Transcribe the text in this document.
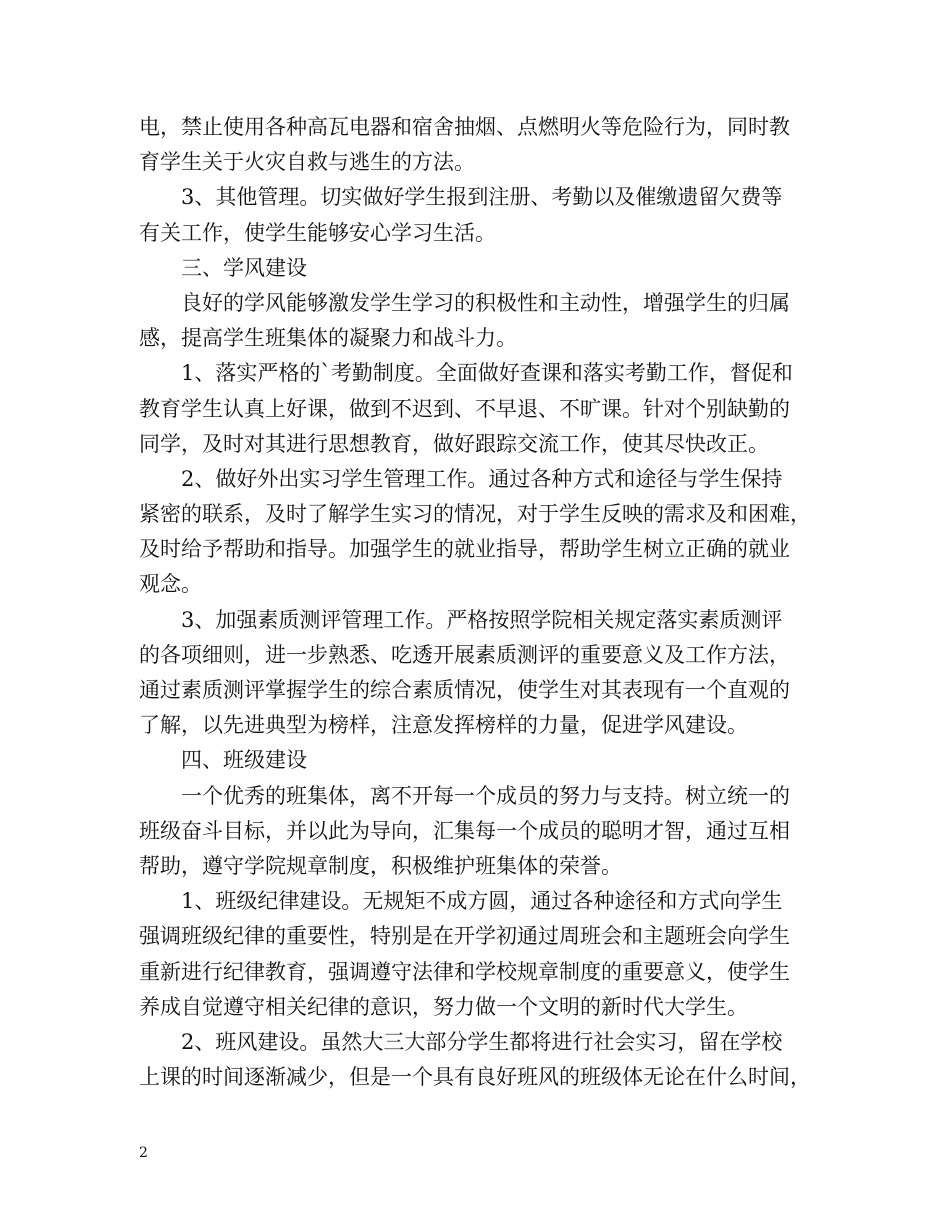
电，禁止使用各种高瓦电器和宿舍抽烟、点燃明火等危险行为，同时教
育学生关于火灾自救与逃生的方法。
3、其他管理。切实做好学生报到注册、考勤以及催缴遗留欠费等
有关工作，使学生能够安心学习生活。
三、学风建设
良好的学风能够激发学生学习的积极性和主动性，增强学生的归属
感，提高学生班集体的凝聚力和战斗力。
1、落实严格的`考勤制度。全面做好查课和落实考勤工作，督促和
教育学生认真上好课，做到不迟到、不早退、不旷课。针对个别缺勤的
同学，及时对其进行思想教育，做好跟踪交流工作，使其尽快改正。
2、做好外出实习学生管理工作。通过各种方式和途径与学生保持
紧密的联系，及时了解学生实习的情况，对于学生反映的需求及和困难，
及时给予帮助和指导。加强学生的就业指导，帮助学生树立正确的就业
观念。
3、加强素质测评管理工作。严格按照学院相关规定落实素质测评
的各项细则，进一步熟悉、吃透开展素质测评的重要意义及工作方法，
通过素质测评掌握学生的综合素质情况，使学生对其表现有一个直观的
了解，以先进典型为榜样，注意发挥榜样的力量，促进学风建设。
四、班级建设
一个优秀的班集体，离不开每一个成员的努力与支持。树立统一的
班级奋斗目标，并以此为导向，汇集每一个成员的聪明才智，通过互相
帮助，遵守学院规章制度，积极维护班集体的荣誉。
1、班级纪律建设。无规矩不成方圆，通过各种途径和方式向学生
强调班级纪律的重要性，特别是在开学初通过周班会和主题班会向学生
重新进行纪律教育，强调遵守法律和学校规章制度的重要意义，使学生
养成自觉遵守相关纪律的意识，努力做一个文明的新时代大学生。
2、班风建设。虽然大三大部分学生都将进行社会实习，留在学校
上课的时间逐渐减少，但是一个具有良好班风的班级体无论在什么时间，
2
